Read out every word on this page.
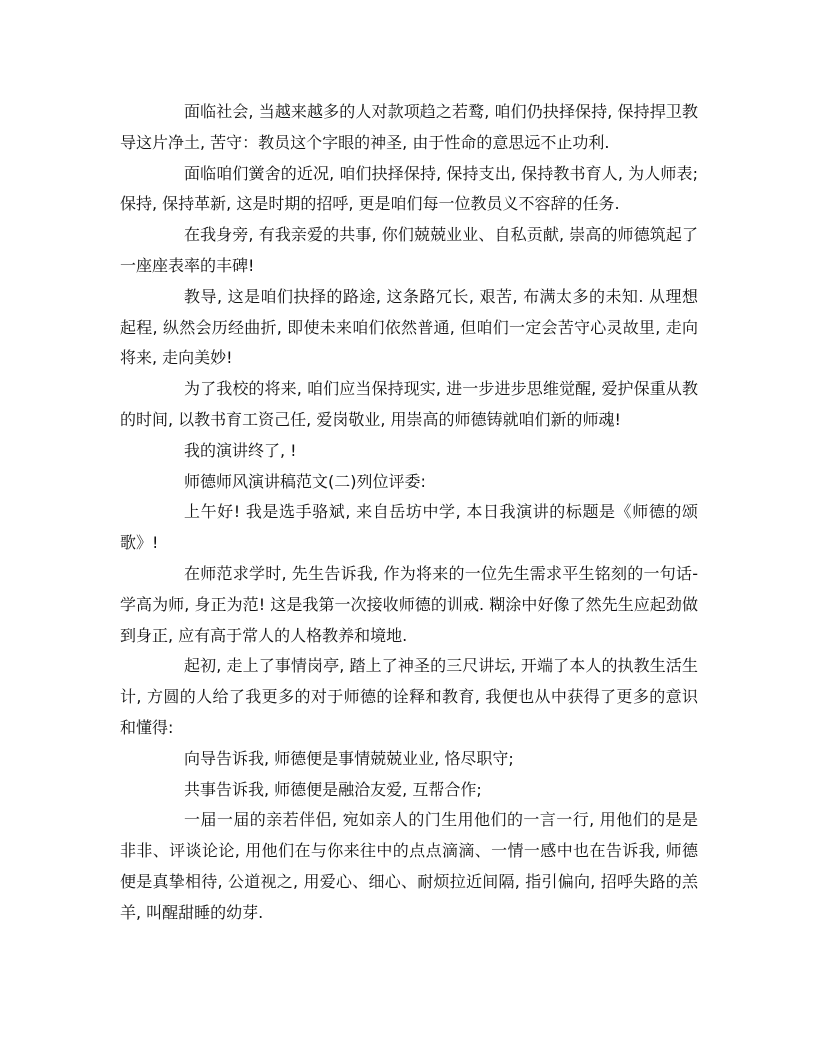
面临社会, 当越来越多的人对款项趋之若鹜, 咱们仍抉择保持, 保持捍卫教导这片净土, 苦守：教员这个字眼的神圣, 由于性命的意思远不止功利.

面临咱们黉舍的近况, 咱们抉择保持, 保持支出, 保持教书育人, 为人师表; 保持, 保持革新, 这是时期的招呼, 更是咱们每一位教员义不容辞的任务.

在我身旁, 有我亲爱的共事, 你们兢兢业业、自私贡献, 崇高的师德筑起了一座座表率的丰碑!

教导, 这是咱们抉择的路途, 这条路冗长, 艰苦, 布满太多的未知. 从理想起程, 纵然会历经曲折, 即使未来咱们依然普通, 但咱们一定会苦守心灵故里, 走向将来, 走向美妙!

为了我校的将来, 咱们应当保持现实, 进一步进步思维觉醒, 爱护保重从教的时间, 以教书育工资己任, 爱岗敬业, 用崇高的师德铸就咱们新的师魂!

我的演讲终了, !

师德师风演讲稿范文(二)列位评委:

上午好! 我是选手骆斌, 来自岳坊中学, 本日我演讲的标题是《师德的颂歌》!

在师范求学时, 先生告诉我, 作为将来的一位先生需求平生铭刻的一句话-学高为师, 身正为范! 这是我第一次接收师德的训戒. 糊涂中好像了然先生应起劲做到身正, 应有高于常人的人格教养和境地.

起初, 走上了事情岗亭, 踏上了神圣的三尺讲坛, 开端了本人的执教生活生计, 方圆的人给了我更多的对于师德的诠释和教育, 我便也从中获得了更多的意识和懂得:

向导告诉我, 师德便是事情兢兢业业, 恪尽职守;

共事告诉我, 师德便是融洽友爱, 互帮合作;

一届一届的亲若伴侣, 宛如亲人的门生用他们的一言一行, 用他们的是是非非、评谈论论, 用他们在与你来往中的点点滴滴、一情一感中也在告诉我, 师德便是真挚相待, 公道视之, 用爱心、细心、耐烦拉近间隔, 指引偏向, 招呼失路的羔羊, 叫醒甜睡的幼芽.
